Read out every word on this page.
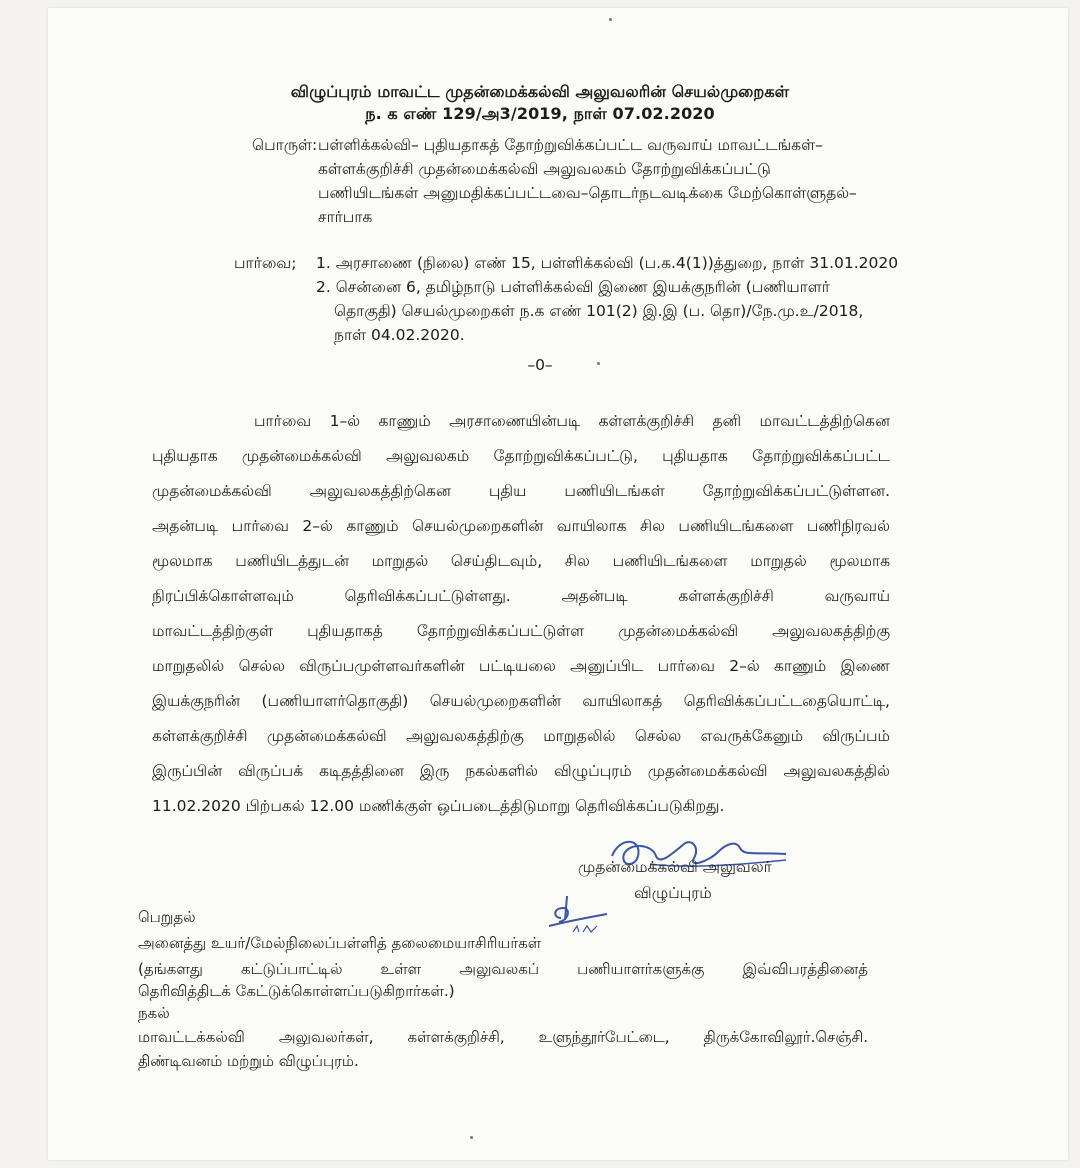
விழுப்புரம் மாவட்ட முதன்மைக்கல்வி அலுவலரின் செயல்முறைகள்
ந. க எண் 129/அ3/2019, நாள் 07.02.2020
பொருள்: பள்ளிக்கல்வி– புதியதாகத் தோற்றுவிக்கப்பட்ட வருவாய் மாவட்டங்கள்–
கள்ளக்குறிச்சி முதன்மைக்கல்வி அலுவலகம் தோற்றுவிக்கப்பட்டு
பணியிடங்கள் அனுமதிக்கப்பட்டவை–தொடர்நடவடிக்கை மேற்கொள்ளுதல்–
சார்பாக
பார்வை; 1. அரசாணை (நிலை) எண் 15, பள்ளிக்கல்வி (ப.க.4(1))த்துறை, நாள் 31.01.2020
2. சென்னை 6, தமிழ்நாடு பள்ளிக்கல்வி இணை இயக்குநரின் (பணியாளர்
தொகுதி) செயல்முறைகள் ந.க எண் 101(2) இ.இ (ப. தொ)/நே.மு.உ/2018,
நாள் 04.02.2020.
–0–
பார்வை 1–ல் காணும் அரசாணையின்படி கள்ளக்குறிச்சி தனி மாவட்டத்திற்கென
புதியதாக முதன்மைக்கல்வி அலுவலகம் தோற்றுவிக்கப்பட்டு, புதியதாக தோற்றுவிக்கப்பட்ட
முதன்மைக்கல்வி அலுவலகத்திற்கென புதிய பணியிடங்கள் தோற்றுவிக்கப்பட்டுள்ளன.
அதன்படி பார்வை 2–ல் காணும் செயல்முறைகளின் வாயிலாக சில பணியிடங்களை பணிநிரவல்
மூலமாக பணியிடத்துடன் மாறுதல் செய்திடவும், சில பணியிடங்களை மாறுதல் மூலமாக
நிரப்பிக்கொள்ளவும் தெரிவிக்கப்பட்டுள்ளது. அதன்படி கள்ளக்குறிச்சி வருவாய்
மாவட்டத்திற்குள் புதியதாகத் தோற்றுவிக்கப்பட்டுள்ள முதன்மைக்கல்வி அலுவலகத்திற்கு
மாறுதலில் செல்ல விருப்பமுள்ளவர்களின் பட்டியலை அனுப்பிட பார்வை 2–ல் காணும் இணை
இயக்குநரின் (பணியாளர்தொகுதி) செயல்முறைகளின் வாயிலாகத் தெரிவிக்கப்பட்டதையொட்டி,
கள்ளக்குறிச்சி முதன்மைக்கல்வி அலுவலகத்திற்கு மாறுதலில் செல்ல எவருக்கேனும் விருப்பம்
இருப்பின் விருப்பக் கடிதத்தினை இரு நகல்களில் விழுப்புரம் முதன்மைக்கல்வி அலுவலகத்தில்
11.02.2020 பிற்பகல் 12.00 மணிக்குள் ஒப்படைத்திடுமாறு தெரிவிக்கப்படுகிறது.
முதன்மைக்கல்வி அலுவலர்
விழுப்புரம்
பெறுதல்
அனைத்து உயர்/மேல்நிலைப்பள்ளித் தலைமையாசிரியர்கள்
(தங்களது கட்டுப்பாட்டில் உள்ள அலுவலகப் பணியாளர்களுக்கு இவ்விபரத்தினைத்
தெரிவித்திடக் கேட்டுக்கொள்ளப்படுகிறார்கள்.)
நகல்
மாவட்டக்கல்வி அலுவலர்கள், கள்ளக்குறிச்சி, உளுந்தூர்பேட்டை, திருக்கோவிலூர்.செஞ்சி.
திண்டிவனம் மற்றும் விழுப்புரம்.
